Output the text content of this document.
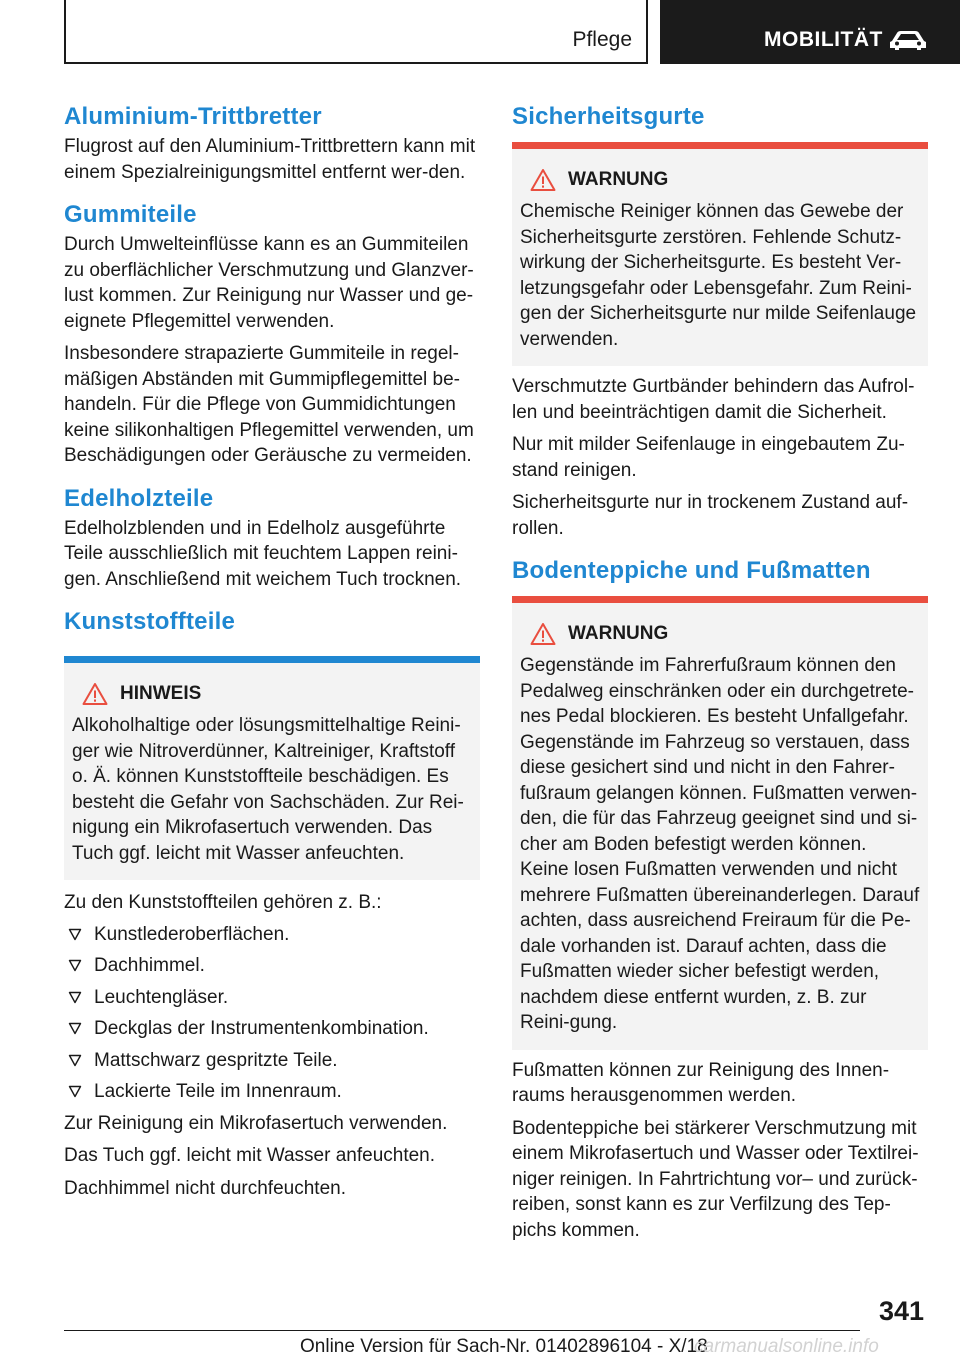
Pflege	MOBILITÄT
Aluminium-Trittbretter

Flugrost auf den Aluminium-Trittbrettern kann mit einem Spezialreinigungsmittel entfernt wer-den.

Gummiteile

Durch Umwelteinflüsse kann es an Gummiteilen zu oberflächlicher Verschmutzung und Glanzver-lust kommen. Zur Reinigung nur Wasser und ge-eignete Pflegemittel verwenden.

Insbesondere strapazierte Gummiteile in regel-mäßigen Abständen mit Gummipflegemittel be-handeln. Für die Pflege von Gummidichtungen keine silikonhaltigen Pflegemittel verwenden, um Beschädigungen oder Geräusche zu vermeiden.

Edelholzteile

Edelholzblenden und in Edelholz ausgeführte Teile ausschließlich mit feuchtem Lappen reini-gen. Anschließend mit weichem Tuch trocknen.

Kunststoffteile
HINWEIS

Alkoholhaltige oder lösungsmittelhaltige Reini-ger wie Nitroverdünner, Kaltreiniger, Kraftstoff o. Ä. können Kunststoffteile beschädigen. Es besteht die Gefahr von Sachschäden. Zur Rei-nigung ein Mikrofasertuch verwenden. Das Tuch ggf. leicht mit Wasser anfeuchten.

Zu den Kunststoffteilen gehören z. B.:

Kunstlederoberflächen.
Dachhimmel.
Leuchtengläser.
Deckglas der Instrumentenkombination.
Mattschwarz gespritzte Teile.
Lackierte Teile im Innenraum.

Zur Reinigung ein Mikrofasertuch verwenden.

Das Tuch ggf. leicht mit Wasser anfeuchten.

Dachhimmel nicht durchfeuchten.

Sicherheitsgurte
WARNUNG

Chemische Reiniger können das Gewebe der Sicherheitsgurte zerstören. Fehlende Schutz-wirkung der Sicherheitsgurte. Es besteht Ver-letzungsgefahr oder Lebensgefahr. Zum Reini-gen der Sicherheitsgurte nur milde Seifenlauge verwenden.

Verschmutzte Gurtbänder behindern das Aufrol-len und beeinträchtigen damit die Sicherheit.

Nur mit milder Seifenlauge in eingebautem Zu-stand reinigen.

Sicherheitsgurte nur in trockenem Zustand auf-rollen.

Bodenteppiche und Fußmatten
WARNUNG

Gegenstände im Fahrerfußraum können den Pedalweg einschränken oder ein durchgetrete-nes Pedal blockieren. Es besteht Unfallgefahr. Gegenstände im Fahrzeug so verstauen, dass diese gesichert sind und nicht in den Fahrer-fußraum gelangen können. Fußmatten verwen-den, die für das Fahrzeug geeignet sind und si-cher am Boden befestigt werden können.

Keine losen Fußmatten verwenden und nicht mehrere Fußmatten übereinanderlegen. Darauf achten, dass ausreichend Freiraum für die Pe-dale vorhanden ist. Darauf achten, dass die Fußmatten wieder sicher befestigt werden, nachdem diese entfernt wurden, z. B. zur Reini-gung.

Fußmatten können zur Reinigung des Innen-raums herausgenommen werden.

Bodenteppiche bei stärkerer Verschmutzung mit einem Mikrofasertuch und Wasser oder Textilrei-niger reinigen. In Fahrtrichtung vor– und zurück-reiben, sonst kann es zur Verfilzung des Tep-pichs kommen.

341
Online Version für Sach-Nr. 01402896104 - X/18
carmanualsonline.info
